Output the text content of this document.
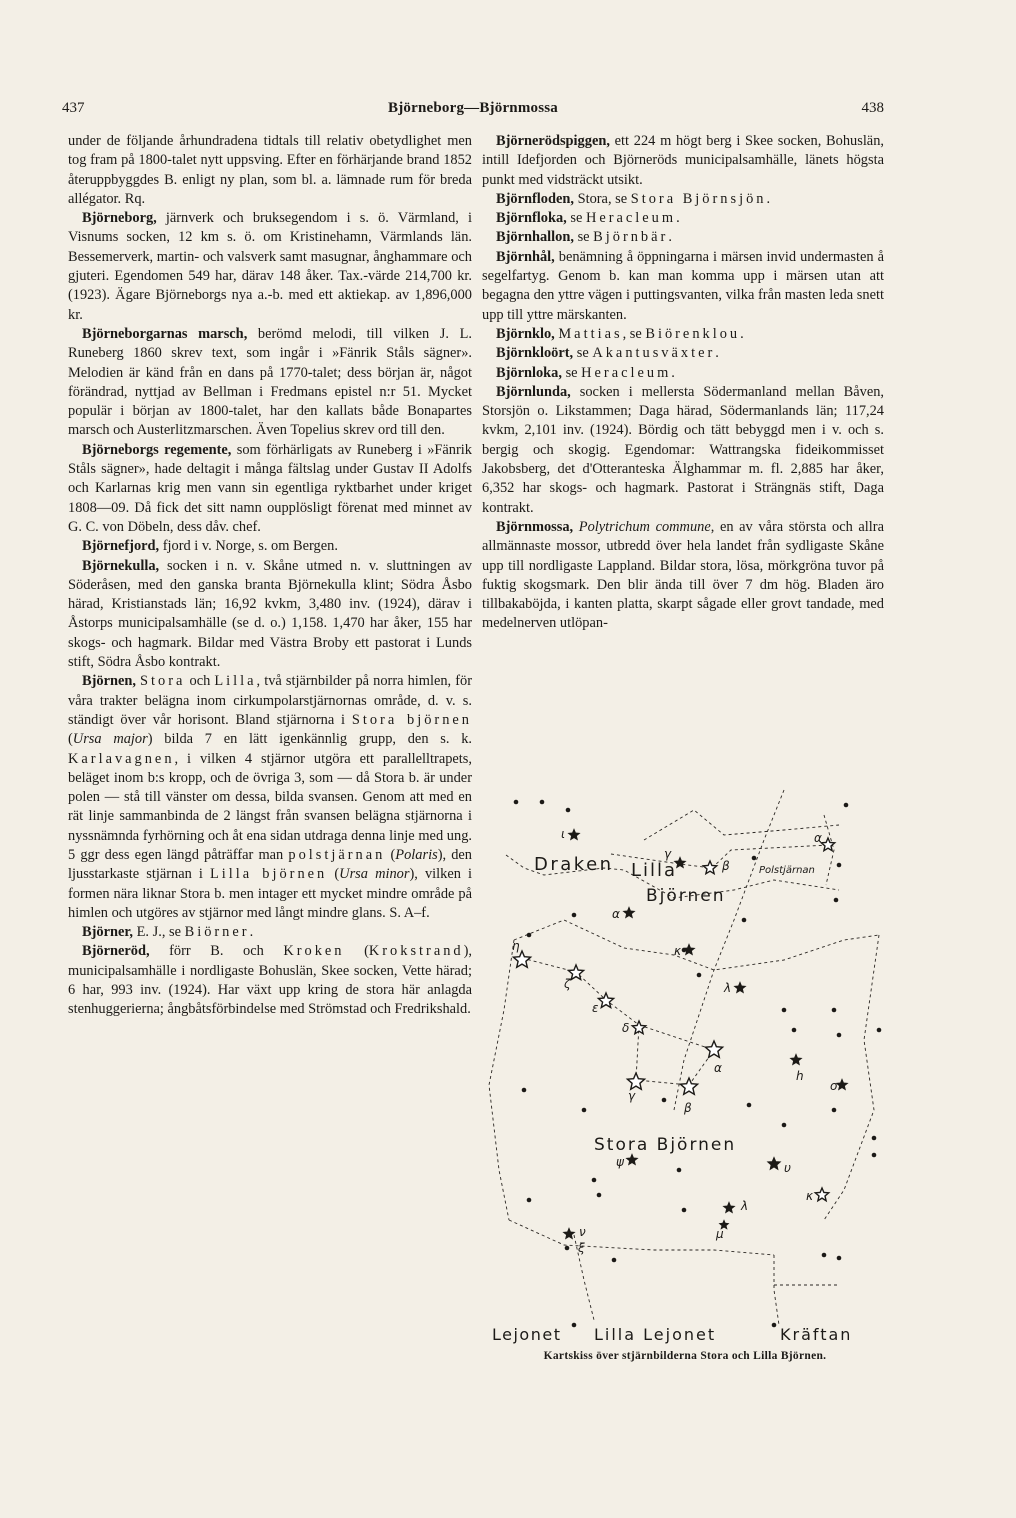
437	Björneborg—Björnmossa	438

under de följande århundradena tidtals till relativ obetydlighet men tog fram på 1800-talet nytt uppsving. Efter en förhärjande brand 1852 återuppbyggdes B. enligt ny plan, som bl. a. lämnade rum för breda allégator. Rq.

Björneborg, järnverk och bruksegendom i s. ö. Värmland, i Visnums socken, 12 km s. ö. om Kristinehamn, Värmlands län. Bessemerverk, martin- och valsverk samt masugnar, ånghammare och gjuteri. Egendomen 549 har, därav 148 åker. Tax.-värde 214,700 kr. (1923). Ägare Björneborgs nya a.-b. med ett aktiekap. av 1,896,000 kr.

Björneborgarnas marsch, berömd melodi, till vilken J. L. Runeberg 1860 skrev text, som ingår i »Fänrik Ståls sägner». Melodien är känd från en dans på 1770-talet; dess början är, något förändrad, nyttjad av Bellman i Fredmans epistel n:r 51. Mycket populär i början av 1800-talet, har den kallats både Bonapartes marsch och Austerlitzmarschen. Även Topelius skrev ord till den.

Björneborgs regemente, som förhärligats av Runeberg i »Fänrik Ståls sägner», hade deltagit i många fältslag under Gustav II Adolfs och Karlarnas krig men vann sin egentliga ryktbarhet under kriget 1808—09. Då fick det sitt namn oupplösligt förenat med minnet av G. C. von Döbeln, dess dåv. chef.

Björnefjord, fjord i v. Norge, s. om Bergen.

Björnekulla, socken i n. v. Skåne utmed n. v. sluttningen av Söderåsen, med den ganska branta Björnekulla klint; Södra Åsbo härad, Kristianstads län; 16,92 kvkm, 3,480 inv. (1924), därav i Åstorps municipalsamhälle (se d. o.) 1,158. 1,470 har åker, 155 har skogs- och hagmark. Bildar med Västra Broby ett pastorat i Lunds stift, Södra Åsbo kontrakt.

Björnen, Stora och Lilla, två stjärnbilder på norra himlen, för våra trakter belägna inom cirkumpolarstjärnornas område, d. v. s. ständigt över vår horisont. Bland stjärnorna i Stora björnen (Ursa major) bilda 7 en lätt igenkännlig grupp, den s. k. Karlavagnen, i vilken 4 stjärnor utgöra ett parallelltrapets, beläget inom b:s kropp, och de övriga 3, som — då Stora b. är under polen — stå till vänster om dessa, bilda svansen. Genom att med en rät linje sammanbinda de 2 längst från svansen belägna stjärnorna i nyssnämnda fyrhörning och åt ena sidan utdraga denna linje med ung. 5 ggr dess egen längd påträffar man polstjärnan (Polaris), den ljusstarkaste stjärnan i Lilla björnen (Ursa minor), vilken i formen nära liknar Stora b. men intager ett mycket mindre område på himlen och utgöres av stjärnor med långt mindre glans. S. A–f.

Björner, E. J., se Biörner.

Björneröd, förr B. och Kroken (Krokstrand), municipalsamhälle i nordligaste Bohuslän, Skee socken, Vette härad; 6 har, 993 inv. (1924). Har växt upp kring de stora här anlagda stenhuggerierna; ångbåtsförbindelse med Strömstad och Fredrikshald.

Björnerödspiggen, ett 224 m högt berg i Skee socken, Bohuslän, intill Idefjorden och Björneröds municipalsamhälle, länets högsta punkt med vidsträckt utsikt.

Björnfloden, Stora, se Stora Björnsjön.

Björnfloka, se Heracleum.

Björnhallon, se Björnbär.

Björnhål, benämning å öppningarna i märsen invid undermasten å segelfartyg. Genom b. kan man komma upp i märsen utan att begagna den yttre vägen i puttingsvanten, vilka från masten leda snett upp till yttre märskanten.

Björnklo, Mattias, se Biörenklou.

Björnkloört, se Akantusväxter.

Björnloka, se Heracleum.

Björnlunda, socken i mellersta Södermanland mellan Båven, Storsjön o. Likstammen; Daga härad, Södermanlands län; 117,24 kvkm, 2,101 inv. (1924). Bördig och tätt bebyggd men i v. och s. bergig och skogig. Egendomar: Wattrangska fideikommisset Jakobsberg, det d'Otteranteska Älghammar m. fl. 2,885 har åker, 6,352 har skogs- och hagmark. Pastorat i Strängnäs stift, Daga kontrakt.

Björnmossa, Polytrichum commune, en av våra största och allra allmännaste mossor, utbredd över hela landet från sydligaste Skåne upp till nordligaste Lappland. Bildar stora, lösa, mörkgröna tuvor på fuktig skogsmark. Den blir ända till över 7 dm hög. Bladen äro tillbakaböjda, i kanten platta, skarpt sågade eller grovt tandade, med medelnerven utlöpan-

Draken Lilla
Björnen
Polstjärnan
Stora Björnen
Lejonet Lilla Lejonet	Kräftan
ι
γ
α
β
α
η
ζ
ε
κ
λ
δ
α
γ
β
h
o
ψ	υ
κ
λ
μ
ν
ξ
Kartskiss över stjärnbilderna Stora och Lilla Björnen.
